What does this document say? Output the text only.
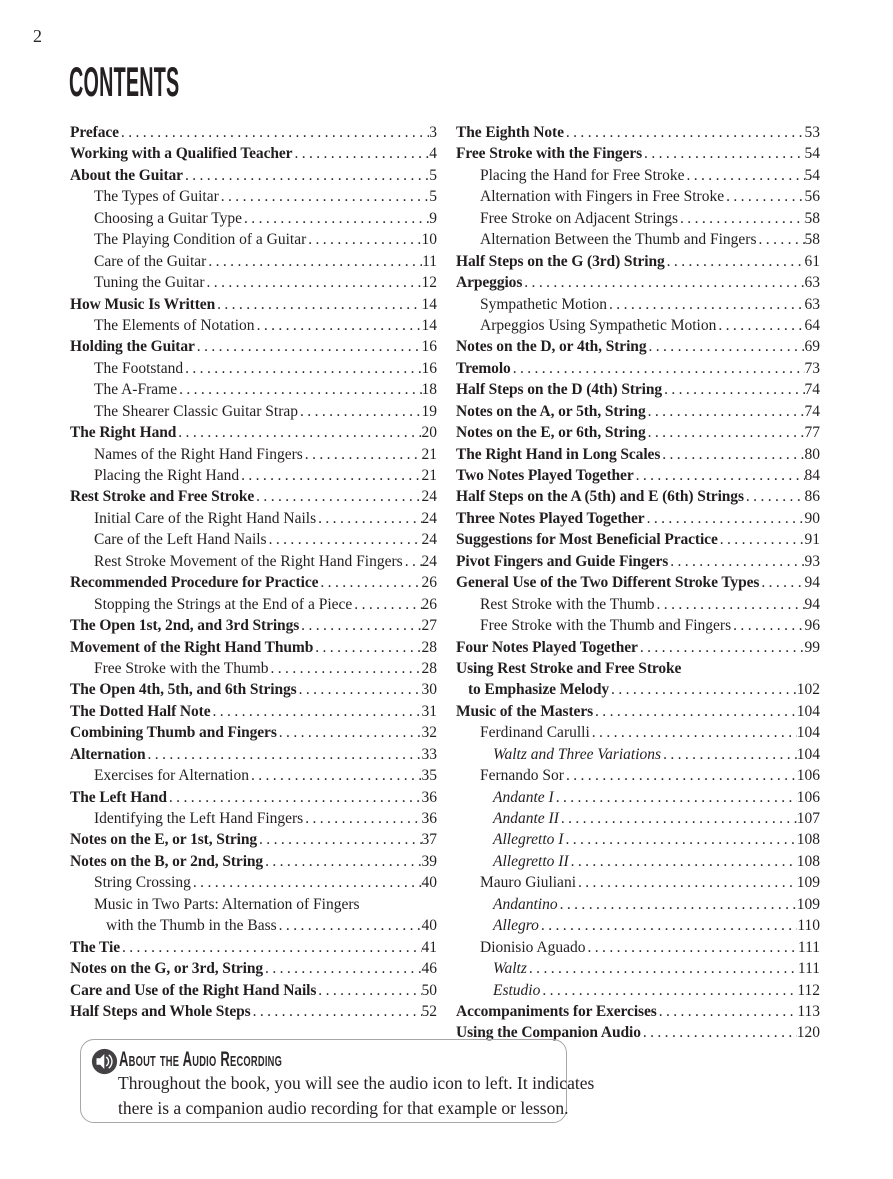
2
CONTENTS
Preface .....	3
Working with a Qualified Teacher .....	4
About the Guitar .....	5
The Types of Guitar .....	5
Choosing a Guitar Type .....	9
The Playing Condition of a Guitar .....	10
Care of the Guitar .....	11
Tuning the Guitar .....	12
How Music Is Written .....	14
The Elements of Notation .....	14
Holding the Guitar .....	16
The Footstand .....	16
The A-Frame .....	18
The Shearer Classic Guitar Strap .....	19
The Right Hand .....	20
Names of the Right Hand Fingers .....	21
Placing the Right Hand .....	21
Rest Stroke and Free Stroke .....	24
Initial Care of the Right Hand Nails .....	24
Care of the Left Hand Nails .....	24
Rest Stroke Movement of the Right Hand Fingers ..... 24
Recommended Procedure for Practice .....	26
Stopping the Strings at the End of a Piece .....	26
The Open 1st, 2nd, and 3rd Strings .....	27
Movement of the Right Hand Thumb .....	28
Free Stroke with the Thumb .....	28
The Open 4th, 5th, and 6th Strings .....	30
The Dotted Half Note .....	31
Combining Thumb and Fingers .....	32
Alternation .....	33
Exercises for Alternation .....	35
The Left Hand .....	36
Identifying the Left Hand Fingers .....	36
Notes on the E, or 1st, String .....	37
Notes on the B, or 2nd, String .....	39
String Crossing .....	40
Music in Two Parts: Alternation of Fingers
with the Thumb in the Bass .....	40
The Tie .....	41
Notes on the G, or 3rd, String .....	46
Care and Use of the Right Hand Nails .....	50
Half Steps and Whole Steps .....	52
The Eighth Note .....	53
Free Stroke with the Fingers .....	54
Placing the Hand for Free Stroke .....	54
Alternation with Fingers in Free Stroke .....	56
Free Stroke on Adjacent Strings .....	58
Alternation Between the Thumb and Fingers .....	58
Half Steps on the G (3rd) String .....	61
Arpeggios .....	63
Sympathetic Motion .....	63
Arpeggios Using Sympathetic Motion .....	64
Notes on the D, or 4th, String .....	69
Tremolo .....	73
Half Steps on the D (4th) String .....	74
Notes on the A, or 5th, String .....	74
Notes on the E, or 6th, String .....	77
The Right Hand in Long Scales .....	80
Two Notes Played Together .....	84
Half Steps on the A (5th) and E (6th) Strings .....	86
Three Notes Played Together .....	90
Suggestions for Most Beneficial Practice .....	91
Pivot Fingers and Guide Fingers .....	93
General Use of the Two Different Stroke Types .....	94
Rest Stroke with the Thumb .....	94
Free Stroke with the Thumb and Fingers .....	96
Four Notes Played Together .....	99
Using Rest Stroke and Free Stroke
to Emphasize Melody .....	102
Music of the Masters .....	104
Ferdinand Carulli .....	104
Waltz and Three Variations .....	104
Fernando Sor .....	106
Andante I .....	106
Andante II .....	107
Allegretto I .....	108
Allegretto II .....	108
Mauro Giuliani .....	109
Andantino .....	109
Allegro .....	110
Dionisio Aguado .....	111
Waltz .....	111
Estudio .....	112
Accompaniments for Exercises .....	113
Using the Companion Audio .....	120
About the Audio Recording
Throughout the book, you will see the audio icon to left. It indicates
there is a companion audio recording for that example or lesson.
